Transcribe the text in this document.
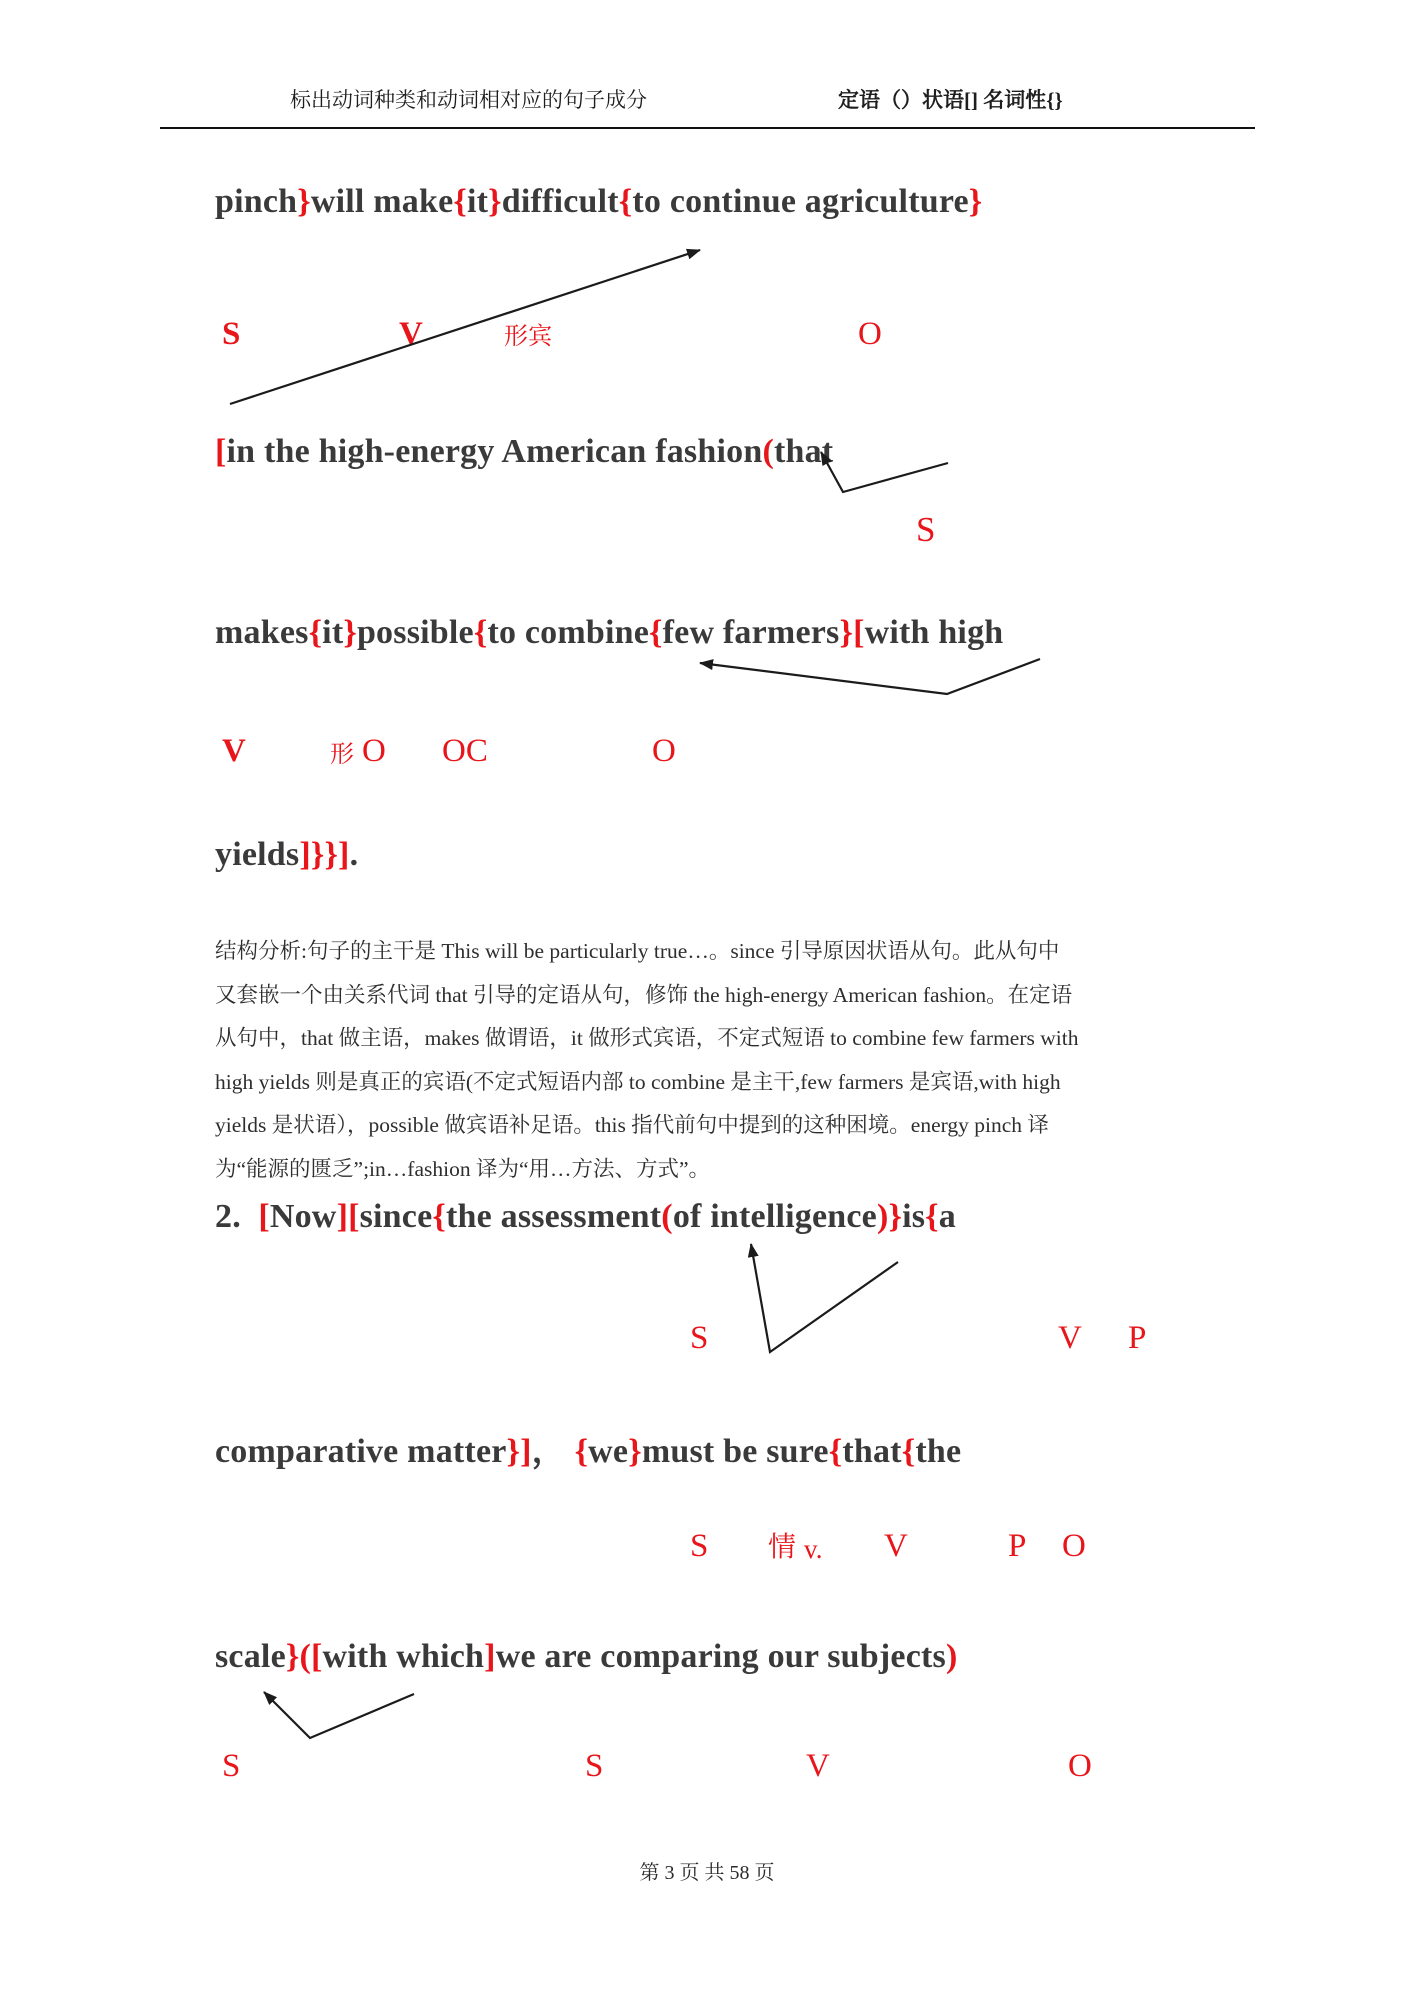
标出动词种类和动词相对应的句子成分	定语（）状语[] 名词性{}
pinch}will make{it}difficult{to continue agriculture}
S	V	形宾	O
[in the high-energy American fashion(that
S
makes{it}possible{to combine{few farmers}[with high
V	形 O OC	O
yields]}}].
结构分析:句子的主干是 This will be particularly true…。since 引导原因状语从句。此从句中
又套嵌一个由关系代词 that 引导的定语从句，修饰 the high-energy American fashion。在定语
从句中，that 做主语，makes 做谓语，it 做形式宾语，不定式短语 to combine few farmers with
high yields 则是真正的宾语(不定式短语内部 to combine 是主干,few farmers 是宾语,with high
yields 是状语），possible 做宾语补足语。this 指代前句中提到的这种困境。energy pinch 译
为“能源的匮乏”;in…fashion 译为“用…方法、方式”。
2.  [Now][since{the assessment(of intelligence)}is{a
S	V P
comparative matter}]， {we}must be sure{that{the
S 情 v. V	P O
scale}([with which]we are comparing our subjects)
S	S	V	O
第 3 页 共 58 页
